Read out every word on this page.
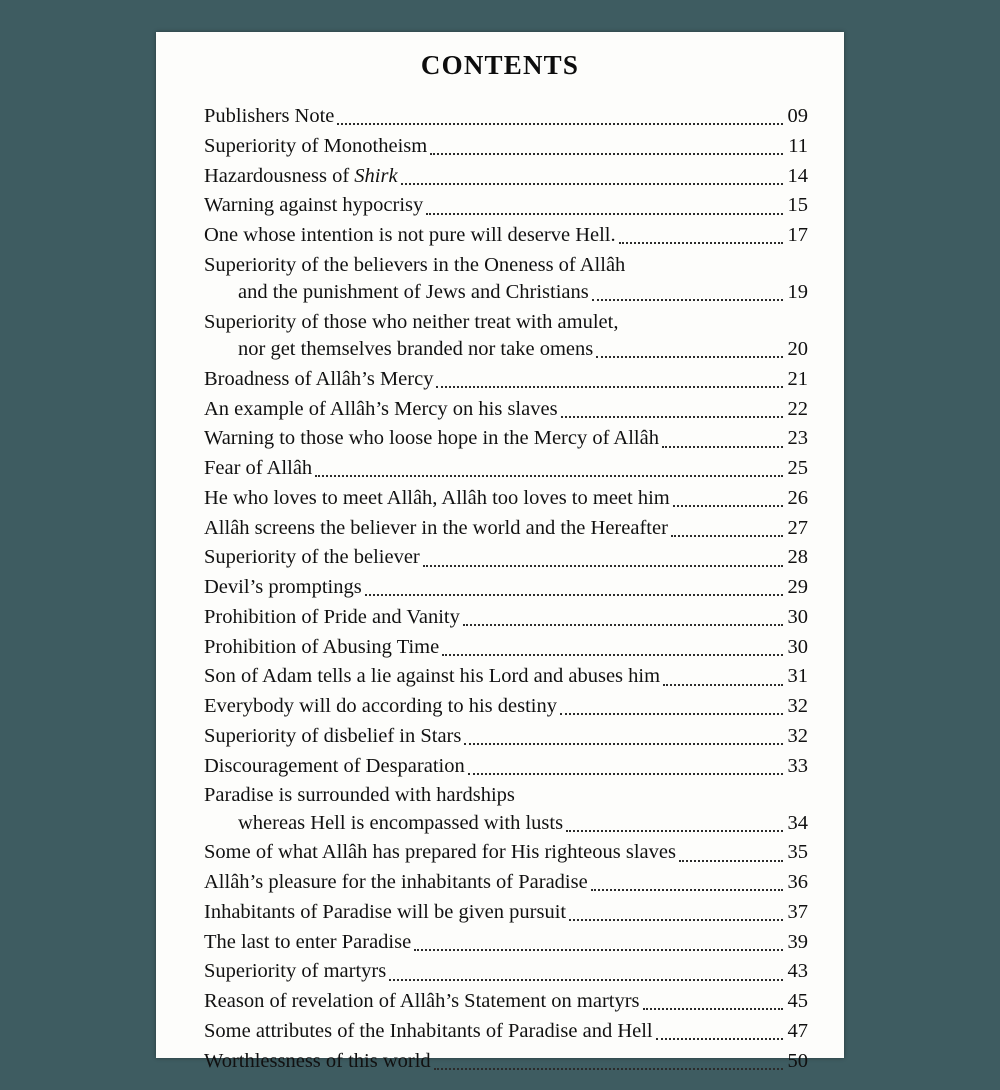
CONTENTS
Publishers Note	09
Superiority of Monotheism	11
Hazardousness of Shirk	14
Warning against hypocrisy	15
One whose intention is not pure will deserve Hell.	17
Superiority of the believers in the Oneness of Allâh
and the punishment of Jews and Christians	19
Superiority of those who neither treat with amulet,
nor get themselves branded nor take omens	20
Broadness of Allâh’s Mercy	21
An example of Allâh’s Mercy on his slaves	22
Warning to those who loose hope in the Mercy of Allâh	23
Fear of Allâh	25
He who loves to meet Allâh, Allâh too loves to meet him	26
Allâh screens the believer in the world and the Hereafter	27
Superiority of the believer	28
Devil’s promptings	29
Prohibition of Pride and Vanity	30
Prohibition of Abusing Time	30
Son of Adam tells a lie against his Lord and abuses him	31
Everybody will do according to his destiny	32
Superiority of disbelief in Stars	32
Discouragement of Desparation	33
Paradise is surrounded with hardships
whereas Hell is encompassed with lusts	34
Some of what Allâh has prepared for His righteous slaves	35
Allâh’s pleasure for the inhabitants of Paradise	36
Inhabitants of Paradise will be given pursuit	37
The last to enter Paradise	39
Superiority of martyrs	43
Reason of revelation of Allâh’s Statement on martyrs	45
Some attributes of the Inhabitants of Paradise and Hell	47
Worthlessness of this world	50
